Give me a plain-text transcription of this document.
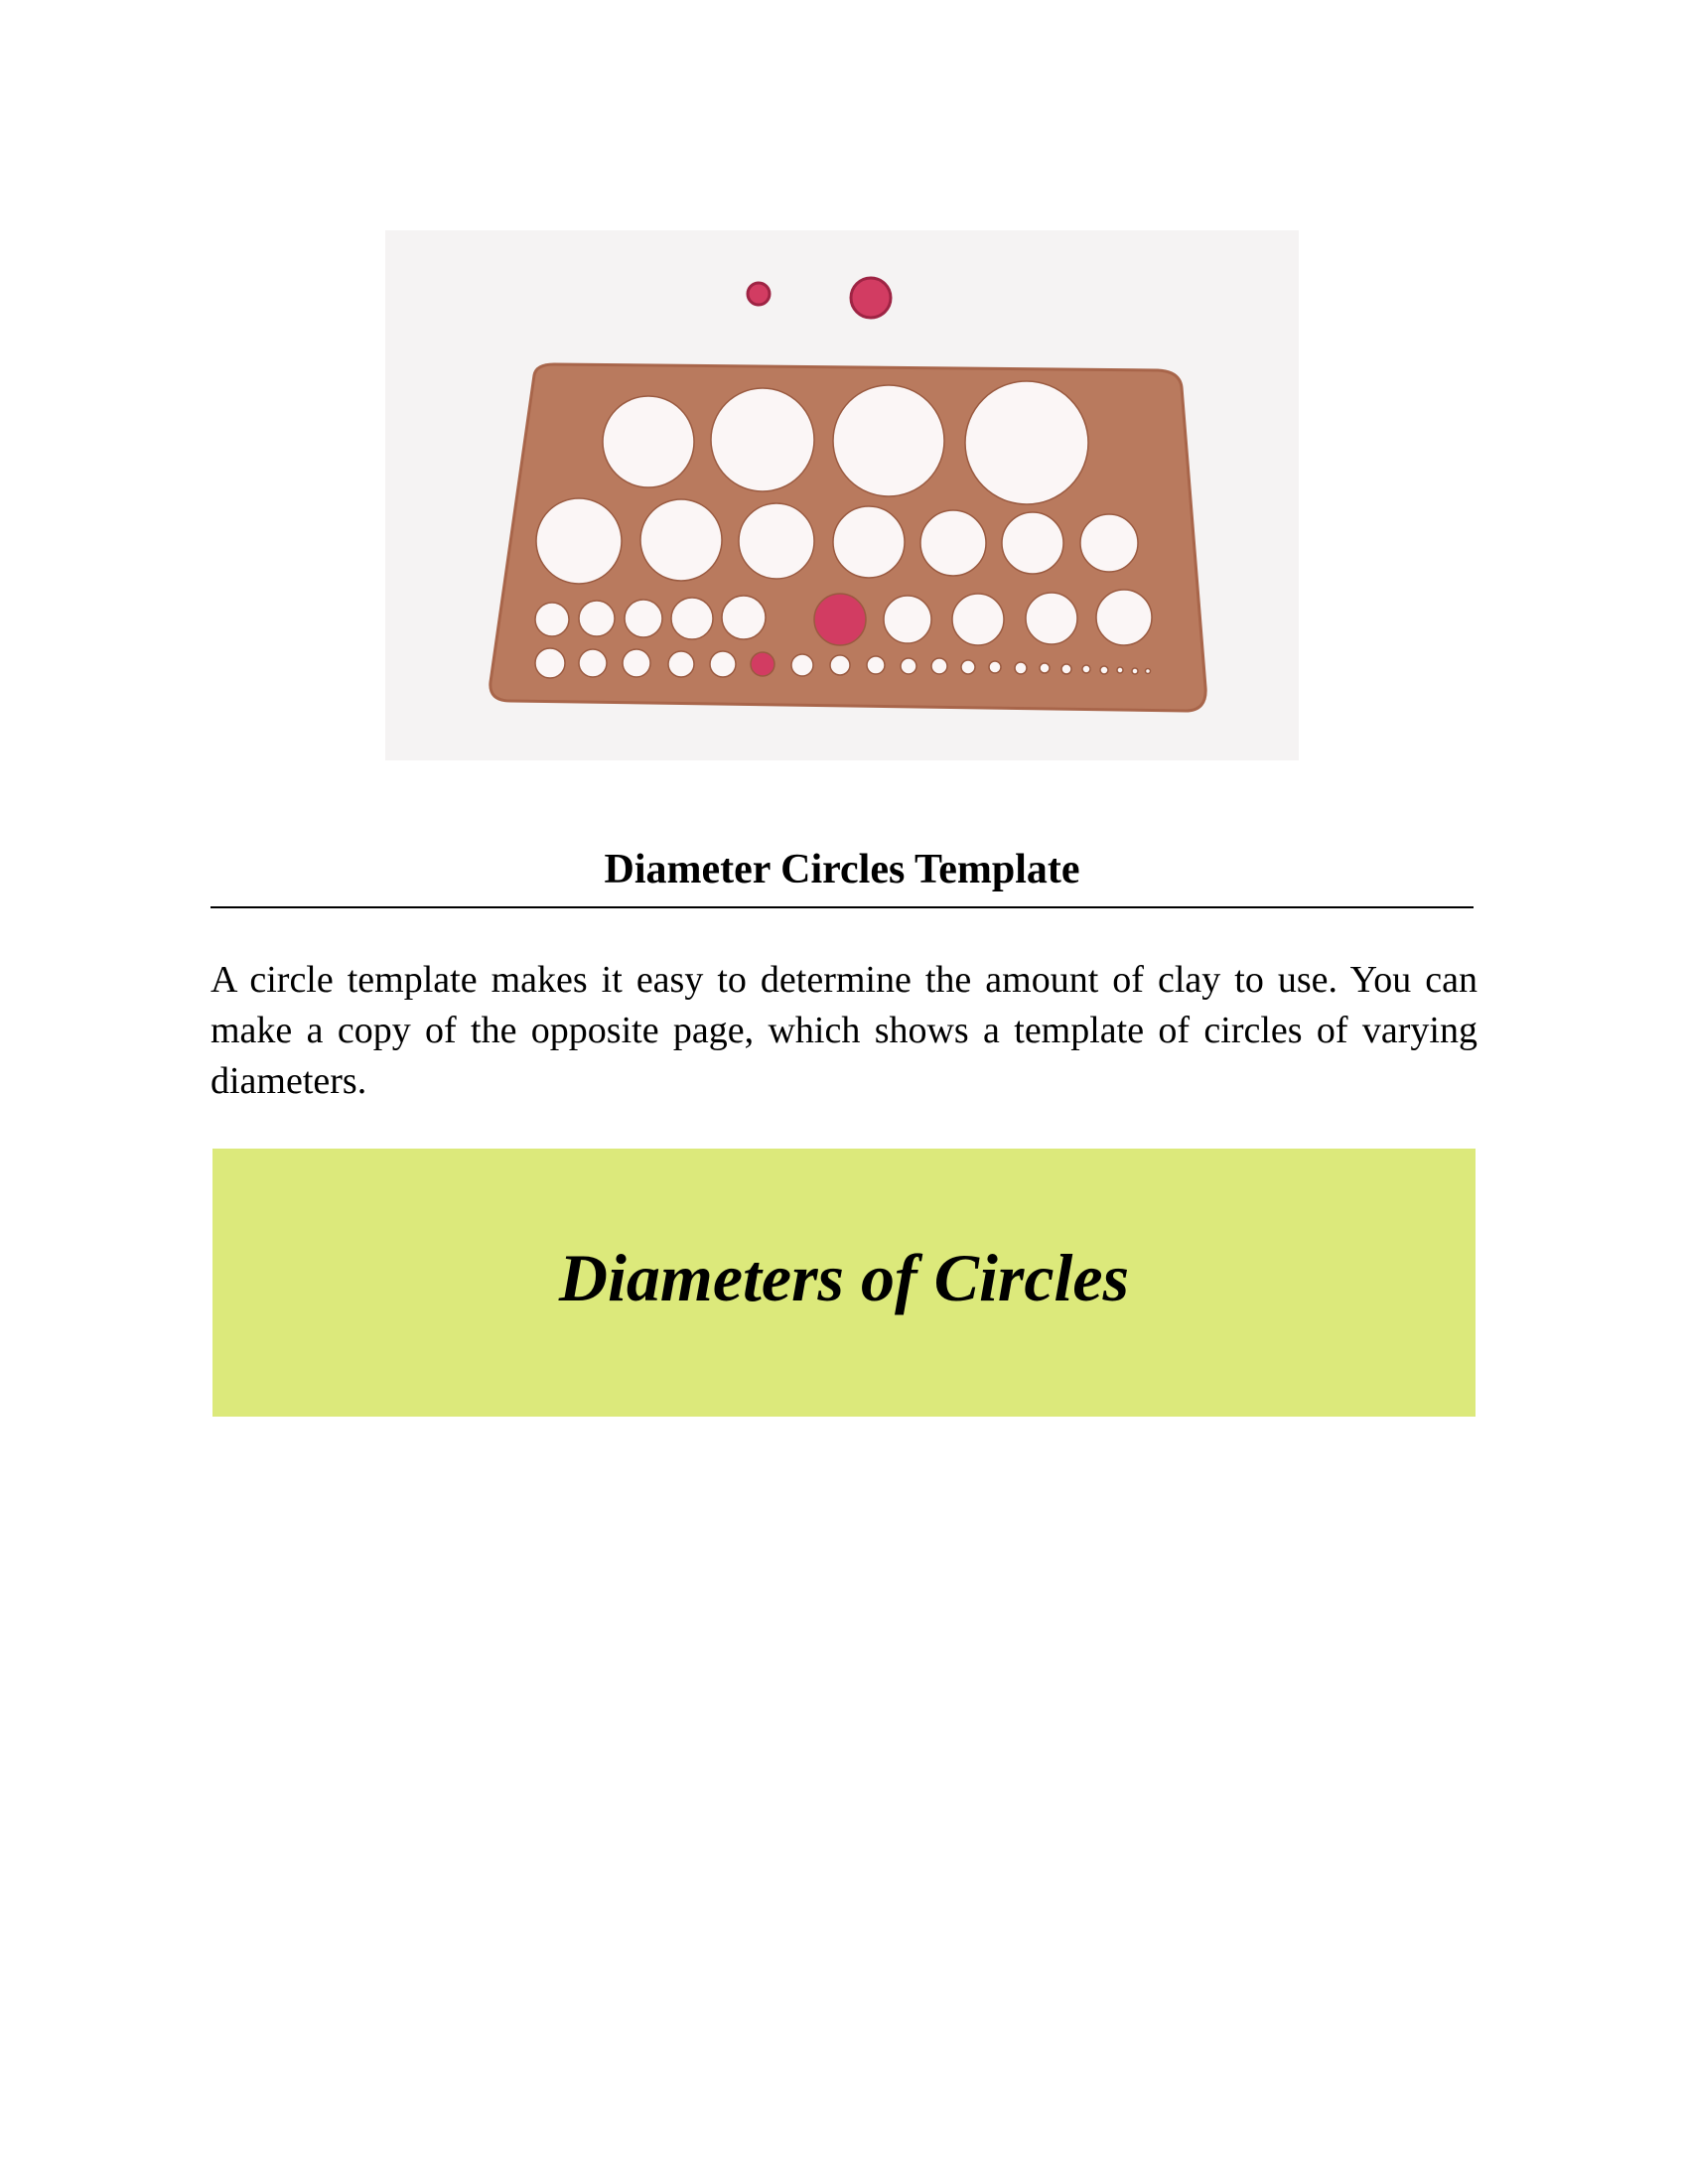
Diameter Circles Template

A circle template makes it easy to determine the amount of clay to use. You can make a copy of the opposite page, which shows a template of circles of varying diameters.

Diameters of Circles
